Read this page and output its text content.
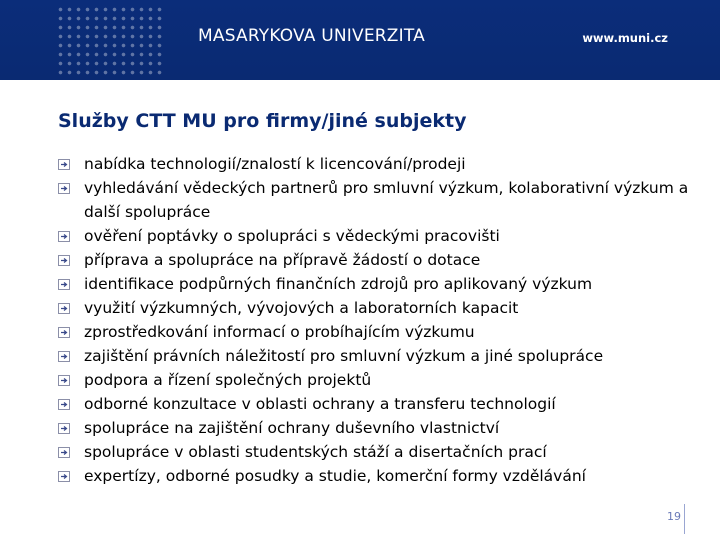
MASARYKOVA UNIVERZITA	www.muni.cz
Služby CTT MU pro firmy/jiné subjekty
nabídka technologií/znalostí k licencování/prodeji
vyhledávání vědeckých partnerů pro smluvní výzkum, kolaborativní výzkum a další spolupráce
ověření poptávky o spolupráci s vědeckými pracovišti
příprava a spolupráce na přípravě žádostí o dotace
identifikace podpůrných finančních zdrojů pro aplikovaný výzkum
využití výzkumných, vývojových a laboratorních kapacit
zprostředkování informací o probíhajícím výzkumu
zajištění právních náležitostí pro smluvní výzkum a jiné spolupráce
podpora a řízení společných projektů
odborné konzultace v oblasti ochrany a transferu technologií
spolupráce na zajištění ochrany duševního vlastnictví
spolupráce v oblasti studentských stáží a disertačních prací
expertízy, odborné posudky a studie, komerční formy vzdělávání
19
